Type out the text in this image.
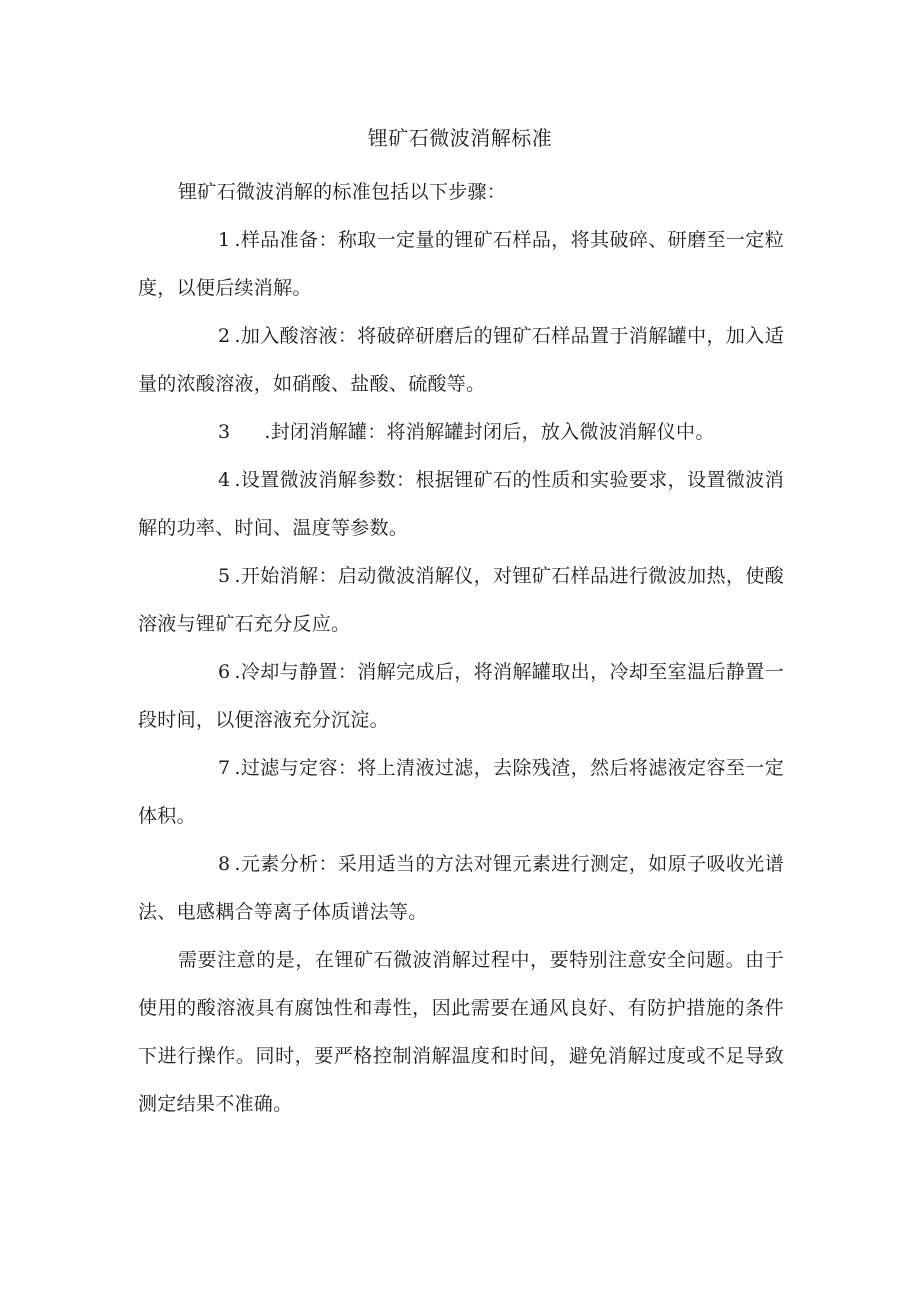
锂矿石微波消解标准

锂矿石微波消解的标准包括以下步骤：

1 .样品准备：称取一定量的锂矿石样品，将其破碎、研磨至一定粒度，以便后续消解。

2 .加入酸溶液：将破碎研磨后的锂矿石样品置于消解罐中，加入适量的浓酸溶液，如硝酸、盐酸、硫酸等。

3 .封闭消解罐：将消解罐封闭后，放入微波消解仪中。

4 .设置微波消解参数：根据锂矿石的性质和实验要求，设置微波消解的功率、时间、温度等参数。

5 .开始消解：启动微波消解仪，对锂矿石样品进行微波加热，使酸溶液与锂矿石充分反应。

6 .冷却与静置：消解完成后，将消解罐取出，冷却至室温后静置一段时间，以便溶液充分沉淀。

7 .过滤与定容：将上清液过滤，去除残渣，然后将滤液定容至一定体积。

8 .元素分析：采用适当的方法对锂元素进行测定，如原子吸收光谱法、电感耦合等离子体质谱法等。

需要注意的是，在锂矿石微波消解过程中，要特别注意安全问题。由于使用的酸溶液具有腐蚀性和毒性，因此需要在通风良好、有防护措施的条件下进行操作。同时，要严格控制消解温度和时间，避免消解过度或不足导致测定结果不准确。
